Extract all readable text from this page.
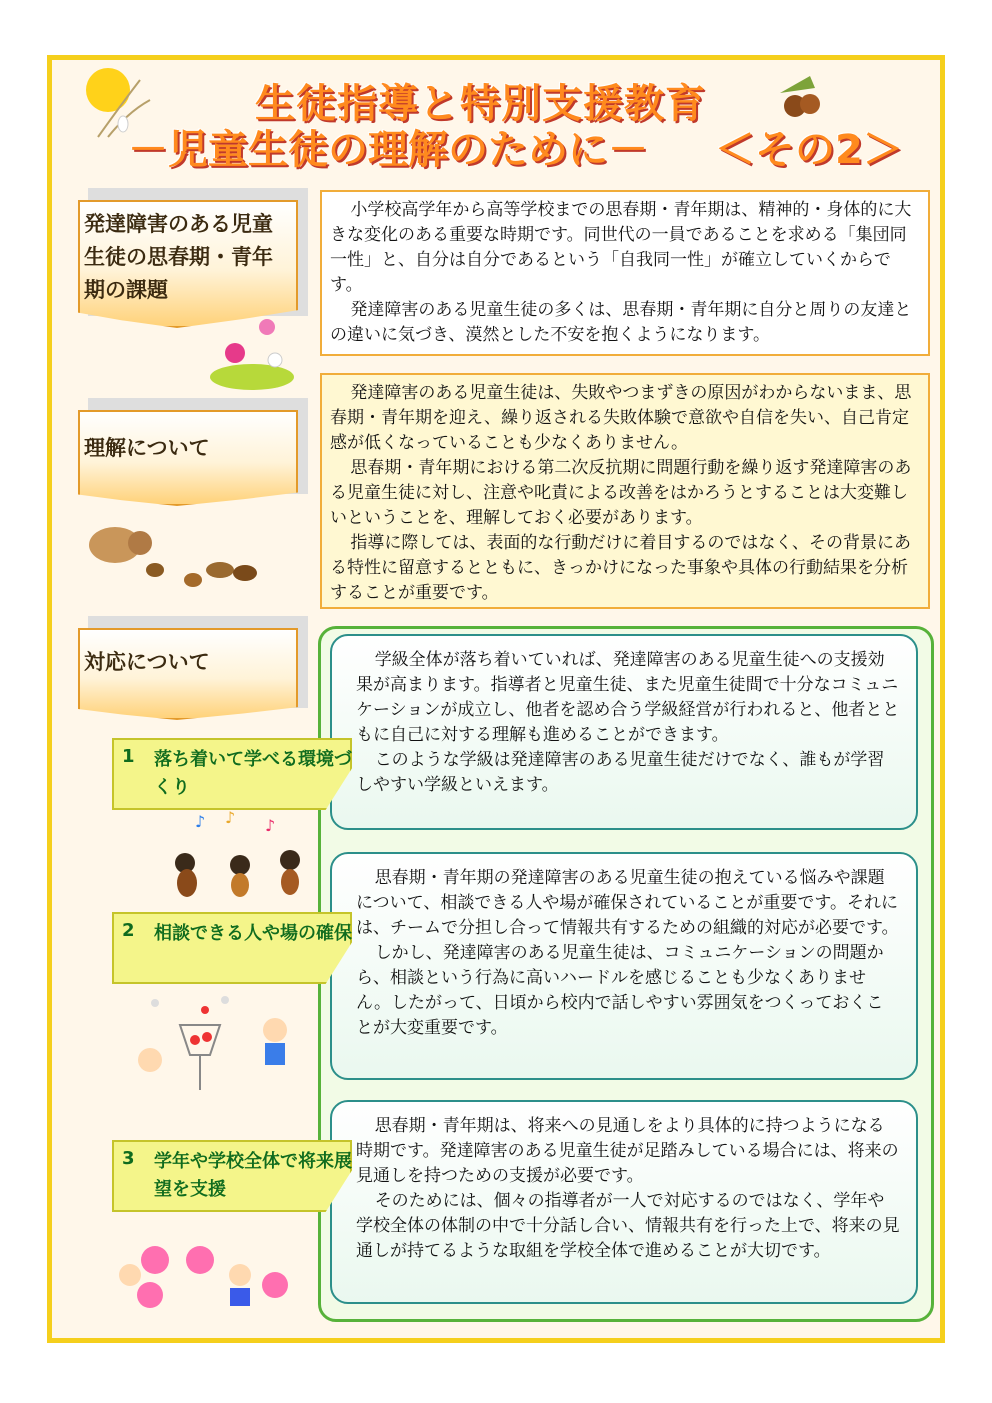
生徒指導と特別支援教育
－児童生徒の理解のために－ ＜その2＞
発達障害のある児童生徒の思春期・青年期の課題

小学校高学年から高等学校までの思春期・青年期は、精神的・身体的に大きな変化のある重要な時期です。同世代の一員であることを求める「集団同一性」と、自分は自分であるという「自我同一性」が確立していくからです。

発達障害のある児童生徒の多くは、思春期・青年期に自分と周りの友達との違いに気づき、漠然とした不安を抱くようになります。

理解について

発達障害のある児童生徒は、失敗やつまずきの原因がわからないまま、思春期・青年期を迎え、繰り返される失敗体験で意欲や自信を失い、自己肯定感が低くなっていることも少なくありません。

思春期・青年期における第二次反抗期に問題行動を繰り返す発達障害のある児童生徒に対し、注意や叱責による改善をはかろうとすることは大変難しいということを、理解しておく必要があります。

指導に際しては、表面的な行動だけに着目するのではなく、その背景にある特性に留意するとともに、きっかけになった事象や具体の行動結果を分析することが重要です。

対応について	学級全体が落ち着いていれば、発達障害のある児童生徒への支援効果が高まります。指導者と児童生徒、また児童生徒間で十分なコミュニケーションが成立し、他者を認め合う学級経営が行われると、他者とともに自己に対する理解も進めることができます。

このような学級は発達障害のある児童生徒だけでなく、誰もが学習しやすい学級といえます。

思春期・青年期の発達障害のある児童生徒の抱えている悩みや課題について、相談できる人や場が確保されていることが重要です。それには、チームで分担し合って情報共有するための組織的対応が必要です。

しかし、発達障害のある児童生徒は、コミュニケーションの問題から、相談という行為に高いハードルを感じることも少なくありません。したがって、日頃から校内で話しやすい雰囲気をつくっておくことが大変重要です。

思春期・青年期は、将来への見通しをより具体的に持つようになる時期です。発達障害のある児童生徒が足踏みしている場合には、将来の見通しを持つための支援が必要です。

そのためには、個々の指導者が一人で対応するのではなく、学年や学校全体の体制の中で十分話し合い、情報共有を行った上で、将来の見通しが持てるような取組を学校全体で進めることが大切です。

1 落ち着いて学べる環境づくり
2 相談できる人や場の確保
3 学年や学校全体で将来展望を支援
♪ ♪ ♪
